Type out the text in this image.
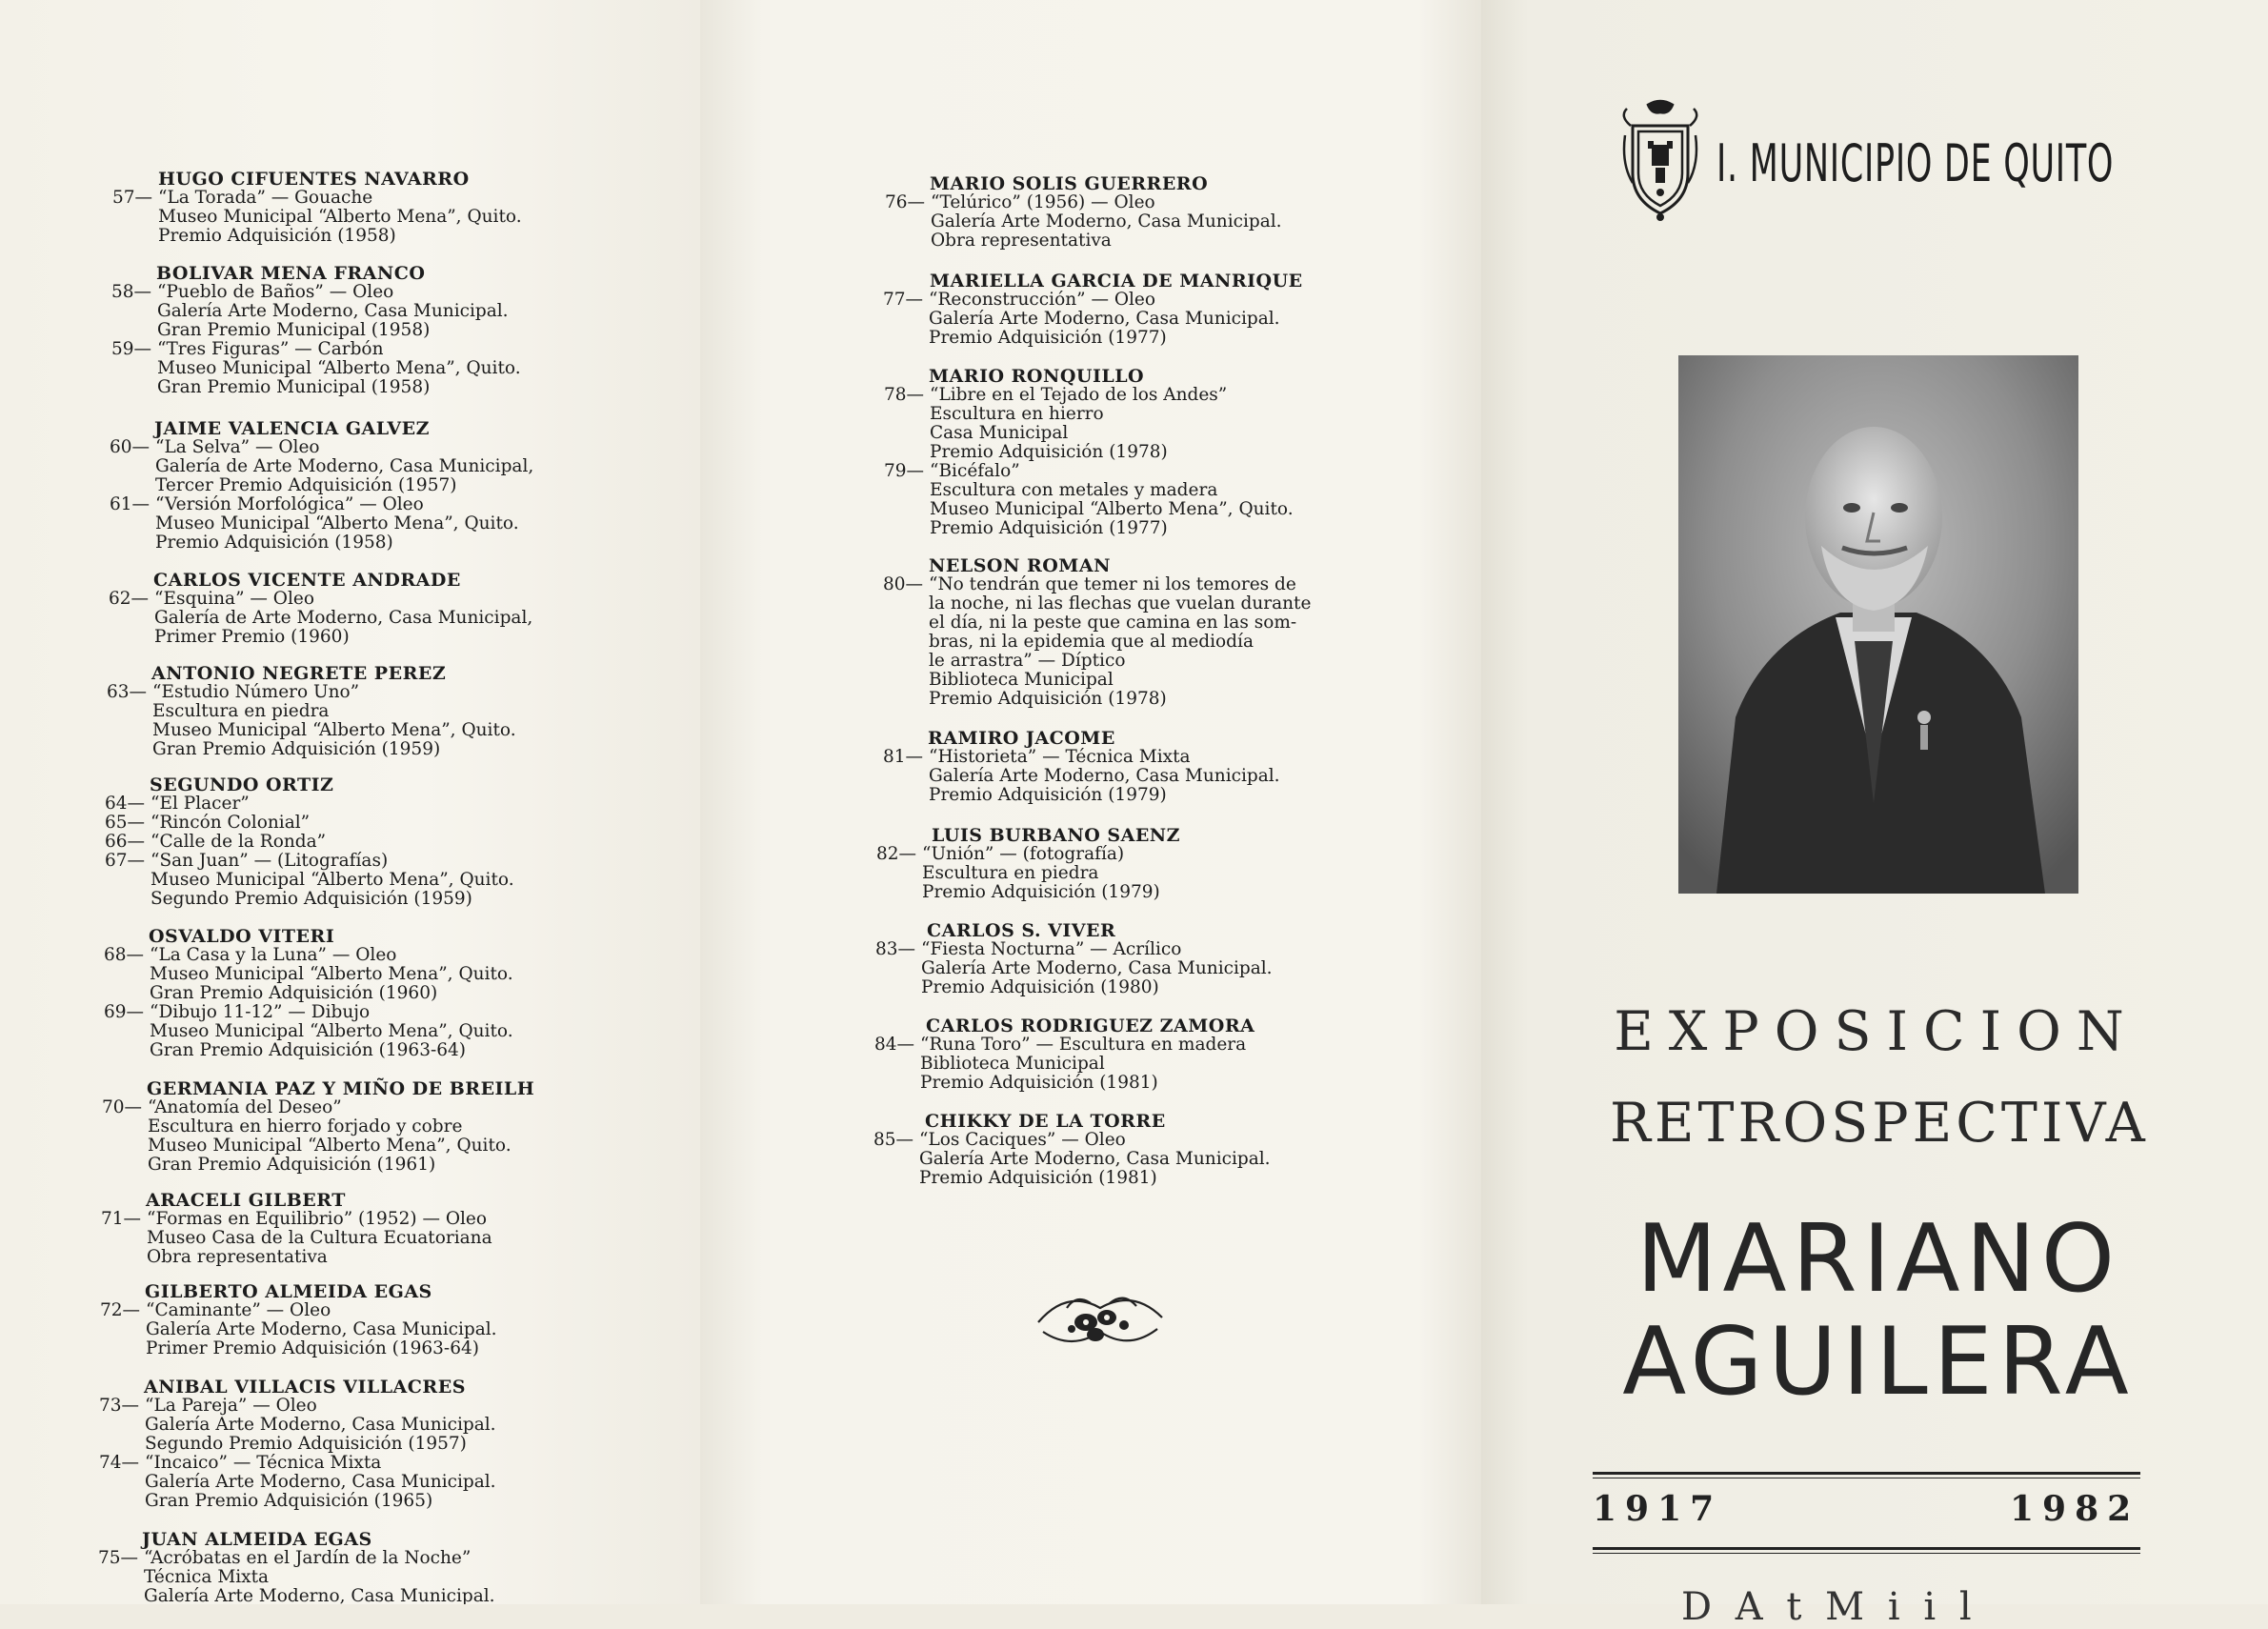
HUGO CIFUENTES NAVARRO
57— “La Torada” — Gouache
Museo Municipal “Alberto Mena”, Quito.
Premio Adquisición (1958)
BOLIVAR MENA FRANCO
58— “Pueblo de Baños” — Oleo
Galería Arte Moderno, Casa Municipal.
Gran Premio Municipal (1958)
59— “Tres Figuras” — Carbón
Museo Municipal “Alberto Mena”, Quito.
Gran Premio Municipal (1958)
JAIME VALENCIA GALVEZ
60— “La Selva” — Oleo
Galería de Arte Moderno, Casa Municipal,
Tercer Premio Adquisición (1957)
61— “Versión Morfológica” — Oleo
Museo Municipal “Alberto Mena”, Quito.
Premio Adquisición (1958)
CARLOS VICENTE ANDRADE
62— “Esquina” — Oleo
Galería de Arte Moderno, Casa Municipal,
Primer Premio (1960)
ANTONIO NEGRETE PEREZ
63— “Estudio Número Uno”
Escultura en piedra
Museo Municipal “Alberto Mena”, Quito.
Gran Premio Adquisición (1959)
SEGUNDO ORTIZ
64— “El Placer”
65— “Rincón Colonial”
66— “Calle de la Ronda”
67— “San Juan” — (Litografías)
Museo Municipal “Alberto Mena”, Quito.
Segundo Premio Adquisición (1959)
OSVALDO VITERI
68— “La Casa y la Luna” — Oleo
Museo Municipal “Alberto Mena”, Quito.
Gran Premio Adquisición (1960)
69— “Dibujo 11-12” — Dibujo
Museo Municipal “Alberto Mena”, Quito.
Gran Premio Adquisición (1963-64)
GERMANIA PAZ Y MIÑO DE BREILH
70— “Anatomía del Deseo”
Escultura en hierro forjado y cobre
Museo Municipal “Alberto Mena”, Quito.
Gran Premio Adquisición (1961)
ARACELI GILBERT
71— “Formas en Equilibrio” (1952) — Oleo
Museo Casa de la Cultura Ecuatoriana
Obra representativa
GILBERTO ALMEIDA EGAS
72— “Caminante” — Oleo
Galería Arte Moderno, Casa Municipal.
Primer Premio Adquisición (1963-64)
ANIBAL VILLACIS VILLACRES
73— “La Pareja” — Oleo
Galería Arte Moderno, Casa Municipal.
Segundo Premio Adquisición (1957)
74— “Incaico” — Técnica Mixta
Galería Arte Moderno, Casa Municipal.
Gran Premio Adquisición (1965)
JUAN ALMEIDA EGAS
75— “Acróbatas en el Jardín de la Noche”
Técnica Mixta
Galería Arte Moderno, Casa Municipal.
MARIO SOLIS GUERRERO
76— “Telúrico” (1956) — Oleo
Galería Arte Moderno, Casa Municipal.
Obra representativa
MARIELLA GARCIA DE MANRIQUE
77— “Reconstrucción” — Oleo
Galería Arte Moderno, Casa Municipal.
Premio Adquisición (1977)
MARIO RONQUILLO
78— “Libre en el Tejado de los Andes”
Escultura en hierro
Casa Municipal
Premio Adquisición (1978)
79— “Bicéfalo”
Escultura con metales y madera
Museo Municipal “Alberto Mena”, Quito.
Premio Adquisición (1977)
NELSON ROMAN
80— “No tendrán que temer ni los temores de
la noche, ni las flechas que vuelan durante
el día, ni la peste que camina en las som-
bras, ni la epidemia que al mediodía
le arrastra” — Díptico
Biblioteca Municipal
Premio Adquisición (1978)
RAMIRO JACOME
81— “Historieta” — Técnica Mixta
Galería Arte Moderno, Casa Municipal.
Premio Adquisición (1979)
LUIS BURBANO SAENZ
82— “Unión” — (fotografía)
Escultura en piedra
Premio Adquisición (1979)
CARLOS S. VIVER
83— “Fiesta Nocturna” — Acrílico
Galería Arte Moderno, Casa Municipal.
Premio Adquisición (1980)
CARLOS RODRIGUEZ ZAMORA
84— “Runa Toro” — Escultura en madera
Biblioteca Municipal
Premio Adquisición (1981)
CHIKKY DE LA TORRE
85— “Los Caciques” — Oleo
Galería Arte Moderno, Casa Municipal.
Premio Adquisición (1981)
I. MUNICIPIO DE QUITO
EXPOSICION
RETROSPECTIVA
MARIANO
AGUILERA
1917	1982
D A t M i i l
